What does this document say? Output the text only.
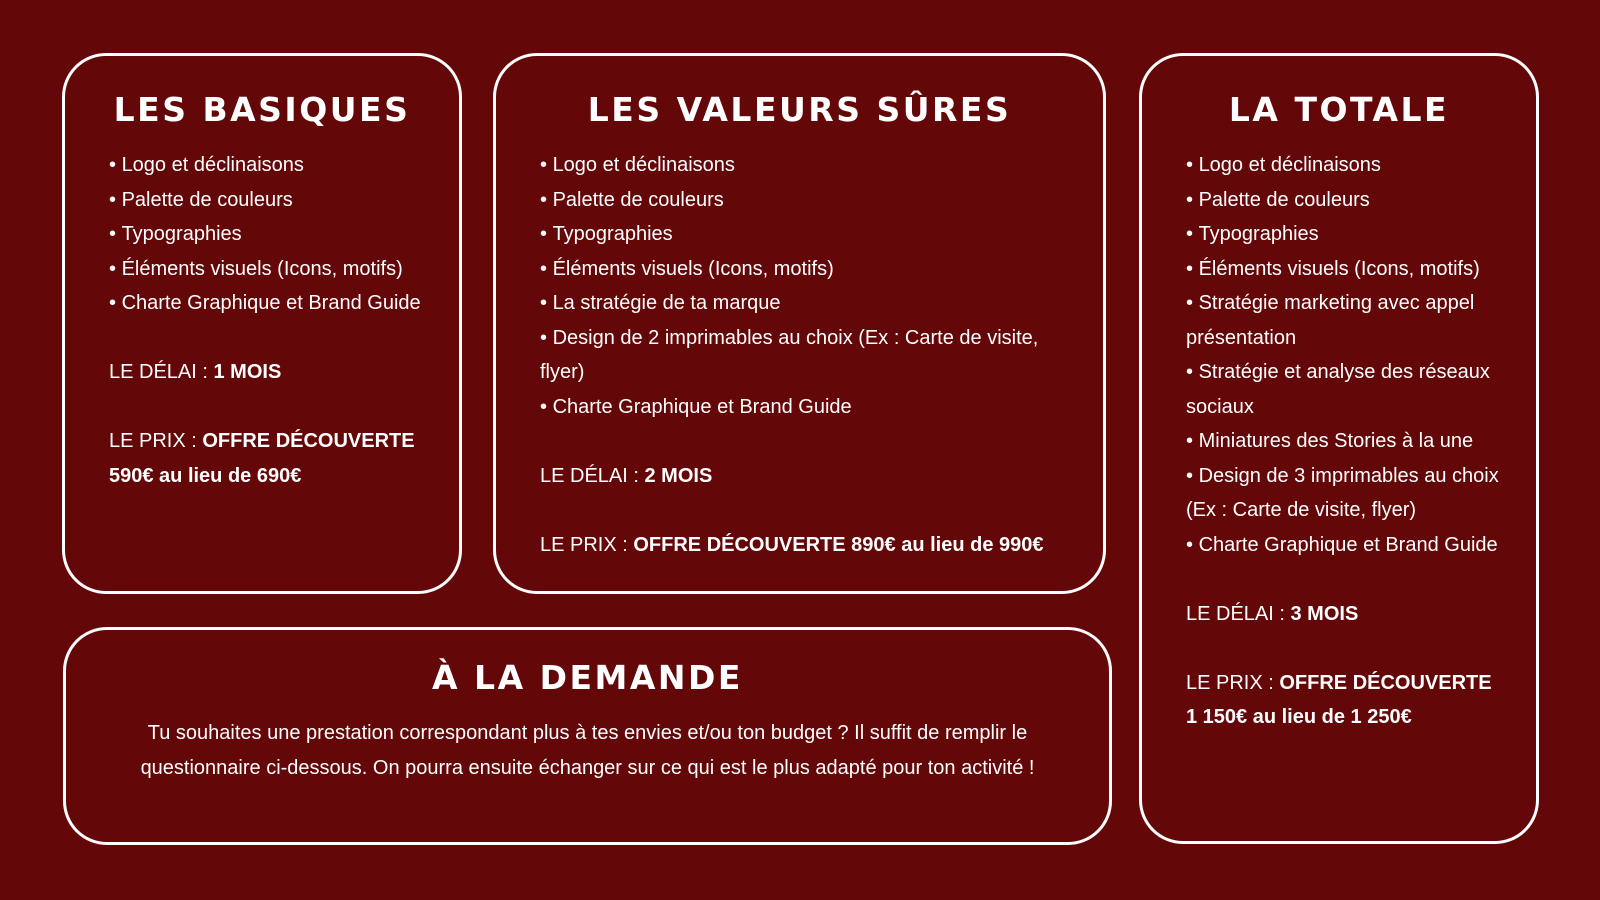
LES BASIQUES
• Logo et déclinaisons
• Palette de couleurs
• Typographies
• Éléments visuels (Icons, motifs)
• Charte Graphique et Brand Guide

LE DÉLAI : 1 MOIS

LE PRIX : OFFRE DÉCOUVERTE 590€ au lieu de 690€

LES VALEURS SÛRES
• Logo et déclinaisons
• Palette de couleurs
• Typographies
• Éléments visuels (Icons, motifs)
• La stratégie de ta marque
• Design de 2 imprimables au choix (Ex : Carte de visite, flyer)
• Charte Graphique et Brand Guide

LE DÉLAI : 2 MOIS

LE PRIX : OFFRE DÉCOUVERTE 890€ au lieu de 990€

LA TOTALE
• Logo et déclinaisons
• Palette de couleurs
• Typographies
• Éléments visuels (Icons, motifs)
• Stratégie marketing avec appel présentation
• Stratégie et analyse des réseaux sociaux
• Miniatures des Stories à la une
• Design de 3 imprimables au choix (Ex : Carte de visite, flyer)
• Charte Graphique et Brand Guide

LE DÉLAI : 3 MOIS

LE PRIX : OFFRE DÉCOUVERTE 1 150€ au lieu de 1 250€

À LA DEMANDE

Tu souhaites une prestation correspondant plus à tes envies et/ou ton budget ? Il suffit de remplir le questionnaire ci-dessous. On pourra ensuite échanger sur ce qui est le plus adapté pour ton activité !
